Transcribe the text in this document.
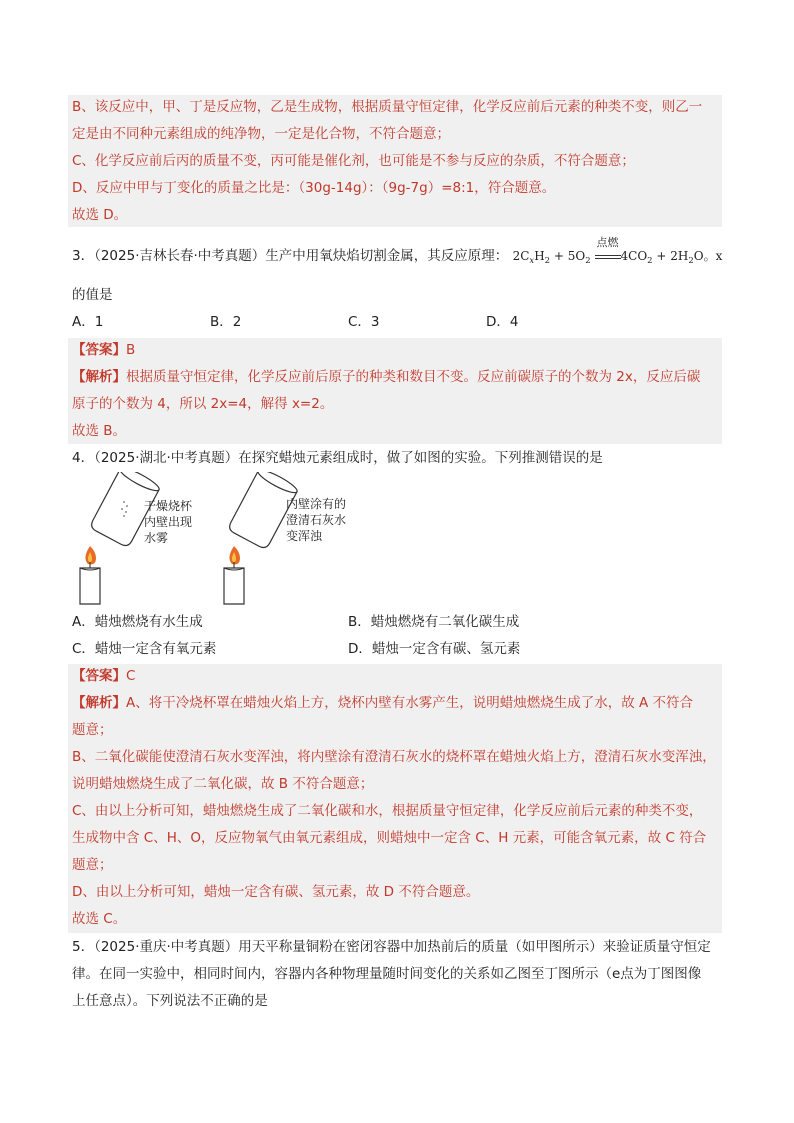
B、该反应中，甲、丁是反应物，乙是生成物，根据质量守恒定律，化学反应前后元素的种类不变，则乙一
定是由不同种元素组成的纯净物，一定是化合物，不符合题意；
C、化学反应前后丙的质量不变，丙可能是催化剂，也可能是不参与反应的杂质，不符合题意；
D、反应中甲与丁变化的质量之比是：（30g-14g）：（9g-7g）=8:1，符合题意。
故选 D。
3．（2025·吉林长春·中考真题）生产中用氧炔焰切割金属，其反应原理： $2C_xH_2 + 5O_2$
点燃
$4CO_2 + 2H_2O$。x
的值是
A．1	B．2	C．3	D．4
【答案】B
【解析】根据质量守恒定律，化学反应前后原子的种类和数目不变。反应前碳原子的个数为 2x，反应后碳
原子的个数为 4，所以 2x=4，解得 x=2。
故选 B。
4．（2025·湖北·中考真题）在探究蜡烛元素组成时，做了如图的实验。下列推测错误的是
干燥烧杯
内壁出现
水雾
内壁涂有的
澄清石灰水
变浑浊
A．蜡烛燃烧有水生成	B．蜡烛燃烧有二氧化碳生成
C．蜡烛一定含有氧元素	D．蜡烛一定含有碳、氢元素
【答案】C
【解析】A、将干冷烧杯罩在蜡烛火焰上方，烧杯内壁有水雾产生，说明蜡烛燃烧生成了水，故 A 不符合
题意；
B、二氧化碳能使澄清石灰水变浑浊，将内壁涂有澄清石灰水的烧杯罩在蜡烛火焰上方，澄清石灰水变浑浊，
说明蜡烛燃烧生成了二氧化碳，故 B 不符合题意；
C、由以上分析可知，蜡烛燃烧生成了二氧化碳和水，根据质量守恒定律，化学反应前后元素的种类不变，
生成物中含 C、H、O，反应物氧气由氧元素组成，则蜡烛中一定含 C、H 元素，可能含氧元素，故 C 符合
题意；
D、由以上分析可知，蜡烛一定含有碳、氢元素，故 D 不符合题意。
故选 C。
5．（2025·重庆·中考真题）用天平称量铜粉在密闭容器中加热前后的质量（如甲图所示）来验证质量守恒定
律。在同一实验中，相同时间内，容器内各种物理量随时间变化的关系如乙图至丁图所示（e点为丁图图像
上任意点）。下列说法不正确的是
